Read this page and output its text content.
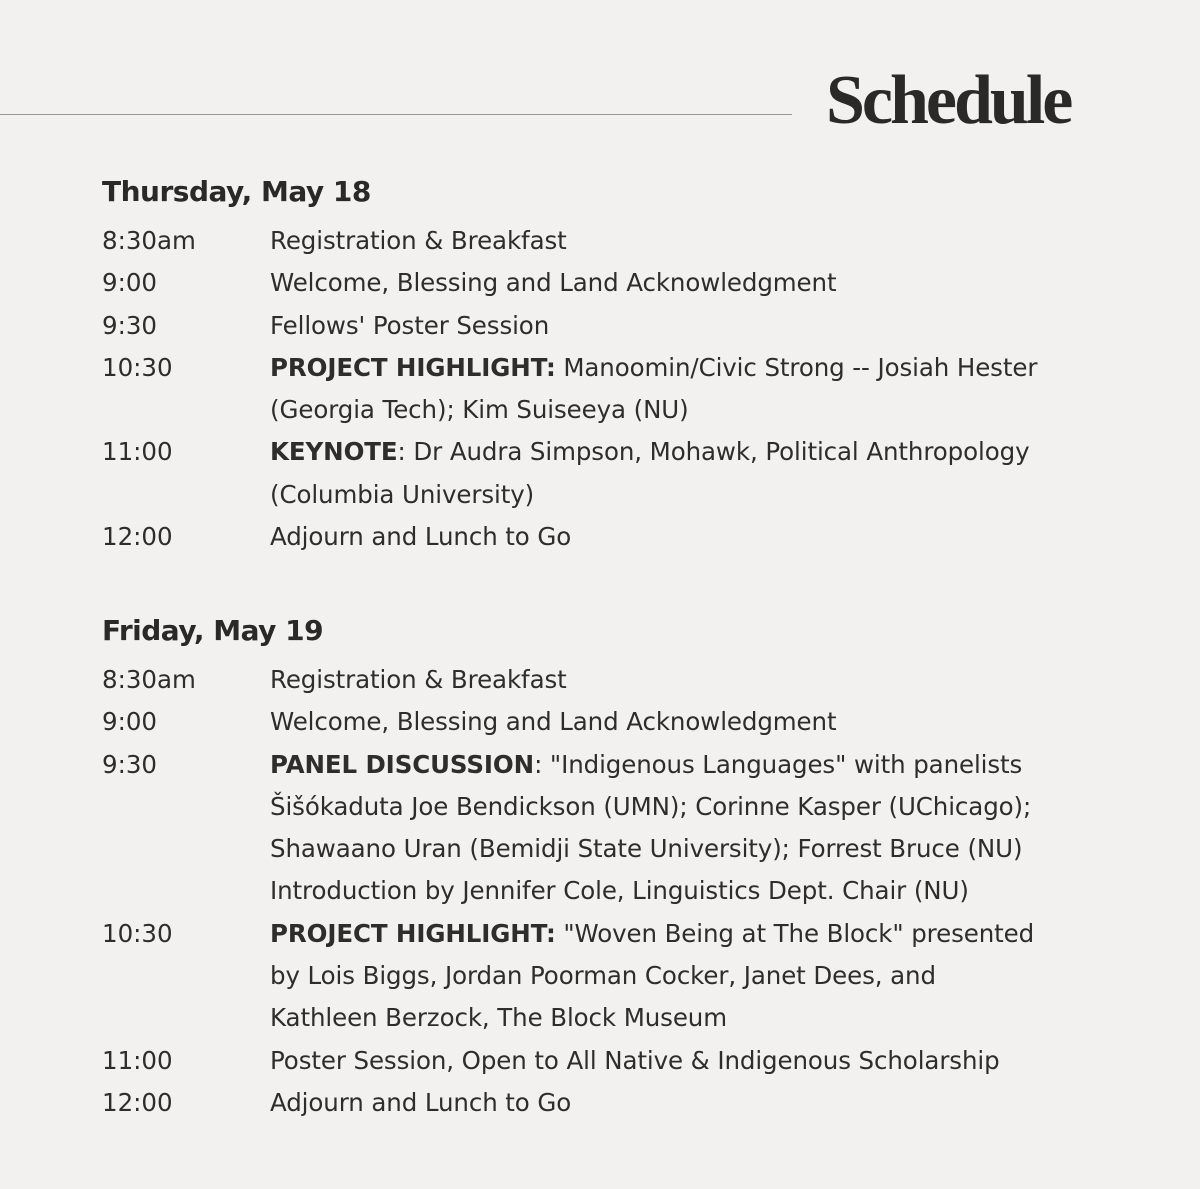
Schedule
Thursday, May 18
8:30am	Registration & Breakfast
9:00	Welcome, Blessing and Land Acknowledgment
9:30	Fellows' Poster Session
10:30	PROJECT HIGHLIGHT: Manoomin/Civic Strong -- Josiah Hester
(Georgia Tech); Kim Suiseeya (NU)
11:00	KEYNOTE: Dr Audra Simpson, Mohawk, Political Anthropology
(Columbia University)
12:00	Adjourn and Lunch to Go
Friday, May 19
8:30am	Registration & Breakfast
9:00	Welcome, Blessing and Land Acknowledgment
9:30	PANEL DISCUSSION: "Indigenous Languages" with panelists
Šišókaduta Joe Bendickson (UMN); Corinne Kasper (UChicago);
Shawaano Uran (Bemidji State University); Forrest Bruce (NU)
Introduction by Jennifer Cole, Linguistics Dept. Chair (NU)
10:30	PROJECT HIGHLIGHT: "Woven Being at The Block" presented
by Lois Biggs, Jordan Poorman Cocker, Janet Dees, and
Kathleen Berzock, The Block Museum
11:00	Poster Session, Open to All Native & Indigenous Scholarship
12:00	Adjourn and Lunch to Go
